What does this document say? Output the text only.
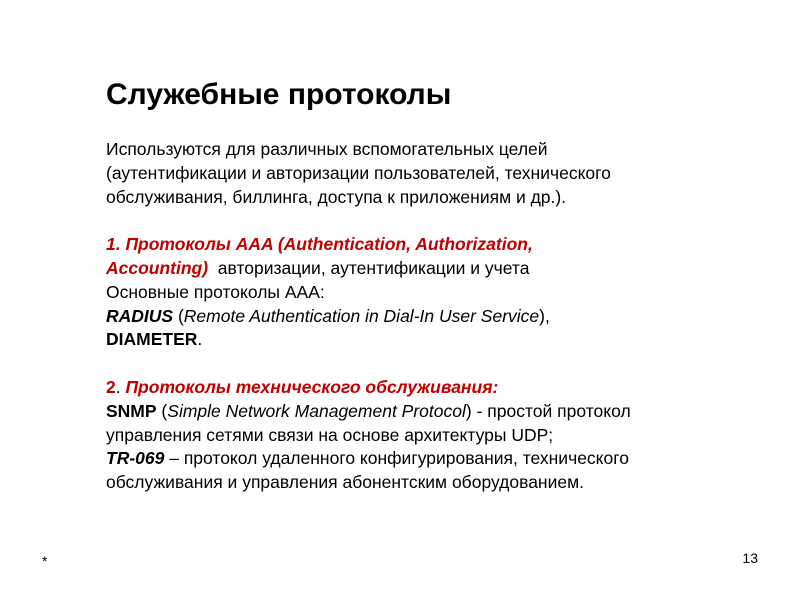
Служебные протоколы

Используются для различных вспомогательных целей

(аутентификации и авторизации пользователей, технического

обслуживания, биллинга, доступа к приложениям и др.).

1. Протоколы AAA (Authentication, Authorization,

Accounting)  авторизации, аутентификации и учета

Основные протоколы AAA:

RADIUS (Remote Authentication in Dial-In User Service),

DIAMETER.

2. Протоколы технического обслуживания:

SNMP (Simple Network Management Protocol) - простой протокол

управления сетями связи на основе архитектуры UDP;

TR-069 – протокол удаленного конфигурирования, технического

обслуживания и управления абонентским оборудованием.

*	13
